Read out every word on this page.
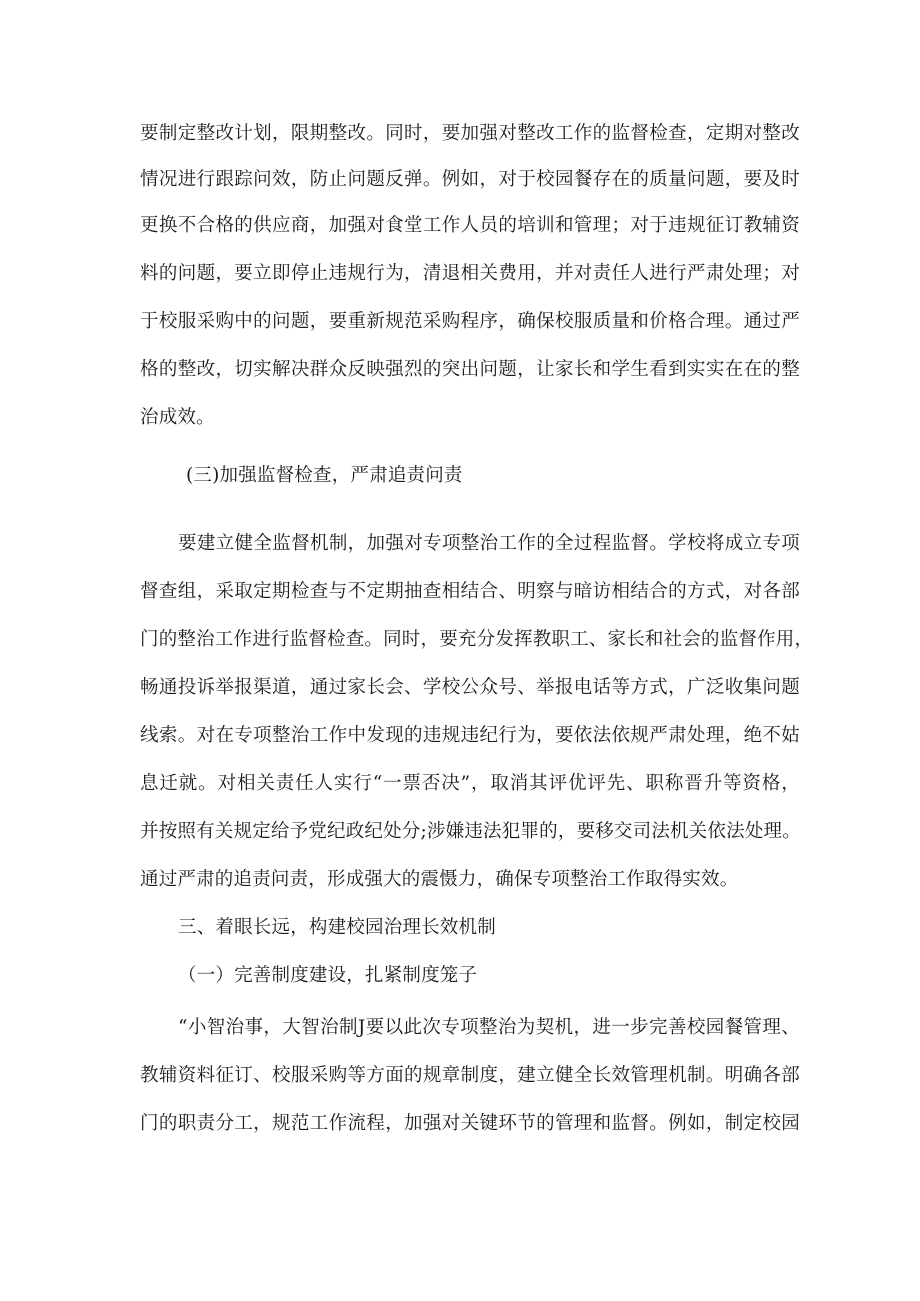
要制定整改计划，限期整改。同时，要加强对整改工作的监督检查，定期对整改
情况进行跟踪问效，防止问题反弹。例如，对于校园餐存在的质量问题，要及时
更换不合格的供应商，加强对食堂工作人员的培训和管理；对于违规征订教辅资
料的问题，要立即停止违规行为，清退相关费用，并对责任人进行严肃处理；对
于校服采购中的问题，要重新规范采购程序，确保校服质量和价格合理。通过严
格的整改，切实解决群众反映强烈的突出问题，让家长和学生看到实实在在的整
治成效。
(三)加强监督检查，严肃追责问责
要建立健全监督机制，加强对专项整治工作的全过程监督。学校将成立专项
督查组，采取定期检查与不定期抽查相结合、明察与暗访相结合的方式，对各部
门的整治工作进行监督检查。同时，要充分发挥教职工、家长和社会的监督作用，
畅通投诉举报渠道，通过家长会、学校公众号、举报电话等方式，广泛收集问题
线索。对在专项整治工作中发现的违规违纪行为，要依法依规严肃处理，绝不姑
息迁就。对相关责任人实行“一票否决”，取消其评优评先、职称晋升等资格，
并按照有关规定给予党纪政纪处分;涉嫌违法犯罪的，要移交司法机关依法处理。
通过严肃的追责问责，形成强大的震慑力，确保专项整治工作取得实效。
三、着眼长远，构建校园治理长效机制
（一）完善制度建设，扎紧制度笼子
“小智治事，大智治制J要以此次专项整治为契机，进一步完善校园餐管理、
教辅资料征订、校服采购等方面的规章制度，建立健全长效管理机制。明确各部
门的职责分工，规范工作流程，加强对关键环节的管理和监督。例如，制定校园
